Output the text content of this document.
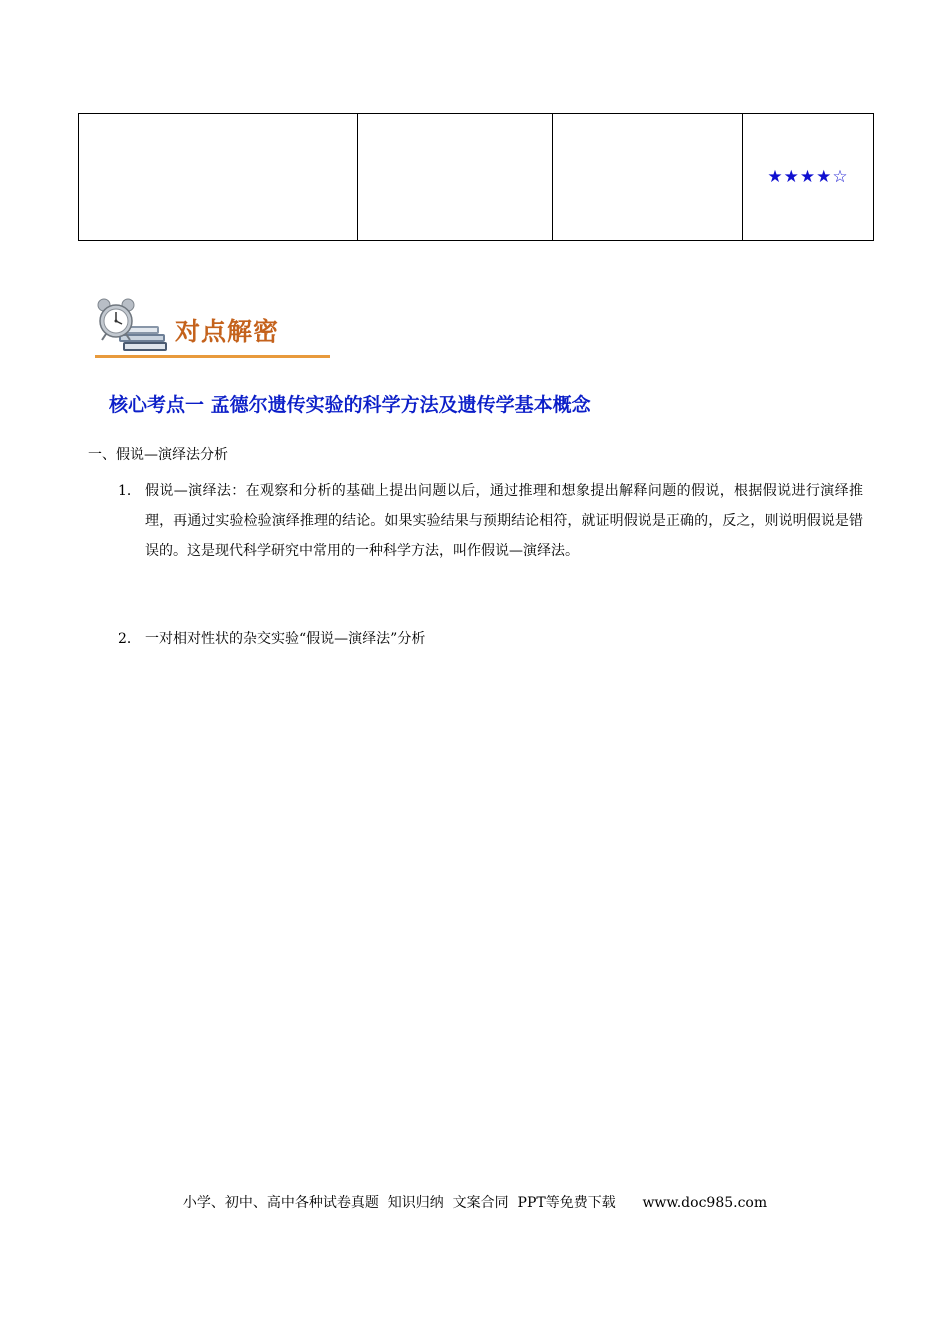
			★★★★☆
对点解密
核心考点一 孟德尔遗传实验的科学方法及遗传学基本概念
一、假说—演绎法分析
1． 假说—演绎法：在观察和分析的基础上提出问题以后，通过推理和想象提出解释问题的假说，根据假说进行演绎推理，再通过实验检验演绎推理的结论。如果实验结果与预期结论相符，就证明假说是正确的，反之，则说明假说是错误的。这是现代科学研究中常用的一种科学方法，叫作假说—演绎法。
2． 一对相对性状的杂交实验“假说—演绎法”分析
小学、初中、高中各种试卷真题  知识归纳  文案合同  PPT等免费下载      www.doc985.com
